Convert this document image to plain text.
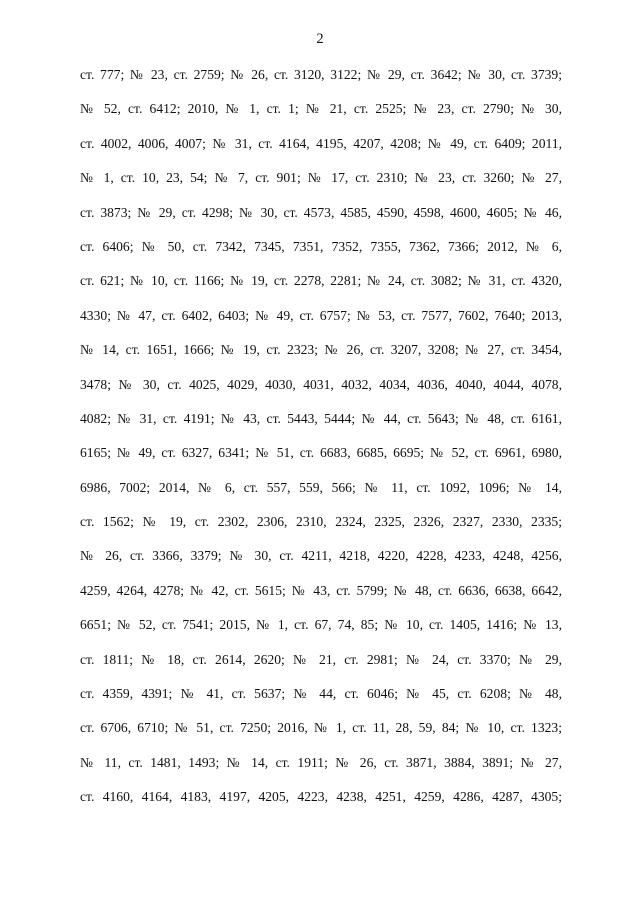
2
ст. 777; № 23, ст. 2759; № 26, ст. 3120, 3122; № 29, ст. 3642; № 30, ст. 3739;
№ 52, ст. 6412; 2010, № 1, ст. 1; № 21, ст. 2525; № 23, ст. 2790; № 30,
ст. 4002, 4006, 4007; № 31, ст. 4164, 4195, 4207, 4208; № 49, ст. 6409; 2011,
№ 1, ст. 10, 23, 54; № 7, ст. 901; № 17, ст. 2310; № 23, ст. 3260; № 27,
ст. 3873; № 29, ст. 4298; № 30, ст. 4573, 4585, 4590, 4598, 4600, 4605; № 46,
ст. 6406; № 50, ст. 7342, 7345, 7351, 7352, 7355, 7362, 7366; 2012, № 6,
ст. 621; № 10, ст. 1166; № 19, ст. 2278, 2281; № 24, ст. 3082; № 31, ст. 4320,
4330; № 47, ст. 6402, 6403; № 49, ст. 6757; № 53, ст. 7577, 7602, 7640; 2013,
№ 14, ст. 1651, 1666; № 19, ст. 2323; № 26, ст. 3207, 3208; № 27, ст. 3454,
3478; № 30, ст. 4025, 4029, 4030, 4031, 4032, 4034, 4036, 4040, 4044, 4078,
4082; № 31, ст. 4191; № 43, ст. 5443, 5444; № 44, ст. 5643; № 48, ст. 6161,
6165; № 49, ст. 6327, 6341; № 51, ст. 6683, 6685, 6695; № 52, ст. 6961, 6980,
6986, 7002; 2014, № 6, ст. 557, 559, 566; № 11, ст. 1092, 1096; № 14,
ст. 1562; № 19, ст. 2302, 2306, 2310, 2324, 2325, 2326, 2327, 2330, 2335;
№ 26, ст. 3366, 3379; № 30, ст. 4211, 4218, 4220, 4228, 4233, 4248, 4256,
4259, 4264, 4278; № 42, ст. 5615; № 43, ст. 5799; № 48, ст. 6636, 6638, 6642,
6651; № 52, ст. 7541; 2015, № 1, ст. 67, 74, 85; № 10, ст. 1405, 1416; № 13,
ст. 1811; № 18, ст. 2614, 2620; № 21, ст. 2981; № 24, ст. 3370; № 29,
ст. 4359, 4391; № 41, ст. 5637; № 44, ст. 6046; № 45, ст. 6208; № 48,
ст. 6706, 6710; № 51, ст. 7250; 2016, № 1, ст. 11, 28, 59, 84; № 10, ст. 1323;
№ 11, ст. 1481, 1493; № 14, ст. 1911; № 26, ст. 3871, 3884, 3891; № 27,
ст. 4160, 4164, 4183, 4197, 4205, 4223, 4238, 4251, 4259, 4286, 4287, 4305;
